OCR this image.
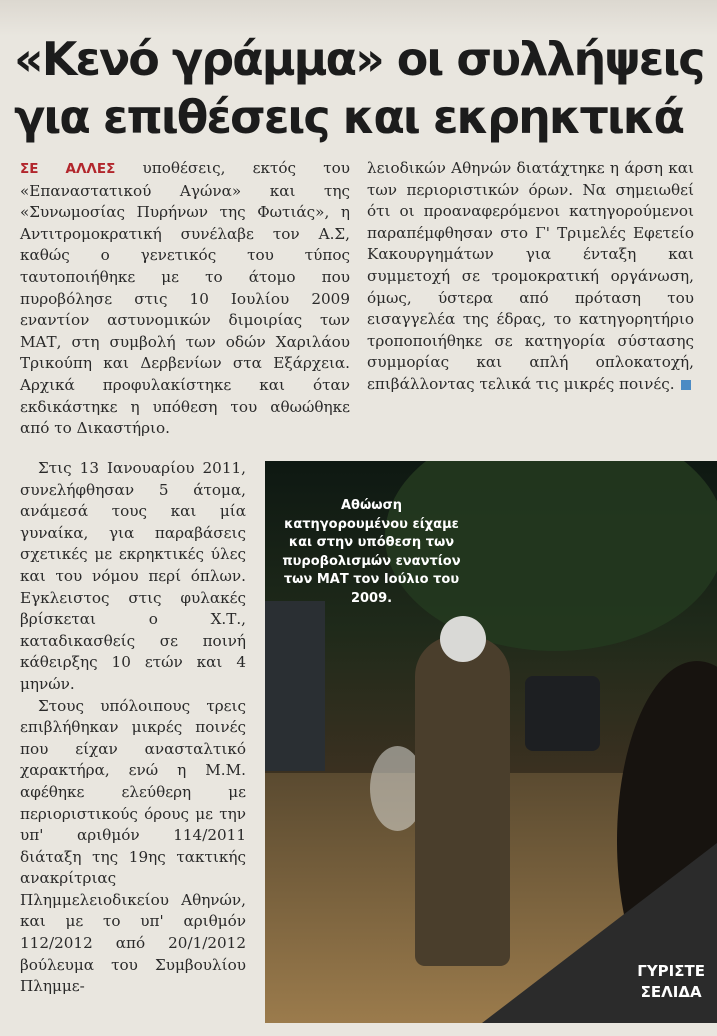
«Κενό γράμμα» οι συλλήψεις
για επιθέσεις και εκρηκτικά

ΣΕ ΑΛΛΕΣ υποθέσεις, εκτός του «Επαναστατικού Αγώνα» και της «Συνωμοσίας Πυρήνων της Φωτιάς», η Αντιτρομοκρατική συνέλαβε τον Α.Σ, καθώς ο γενετικός του τύπος ταυτοποιήθηκε με το άτομο που πυροβόλησε στις 10 Ιουλίου 2009 εναντίον αστυνομικών διμοιρίας των ΜΑΤ, στη συμβολή των οδών Χαριλάου Τρικούπη και Δερβενίων στα Εξάρχεια. Αρχικά προφυλακίστηκε και όταν εκδικάστηκε η υπόθεση του αθωώθηκε από το Δικαστήριο.

λειοδικών Αθηνών διατάχτηκε η άρση και των περιοριστικών όρων. Να σημειωθεί ότι οι προαναφερόμενοι κατηγορούμενοι παραπέμφθησαν στο Γ' Τριμελές Εφετείο Κακουργημάτων για ένταξη και συμμετοχή σε τρομοκρατική οργάνωση, όμως, ύστερα από πρόταση του εισαγγελέα της έδρας, το κατηγορητήριο τροποποιήθηκε σε κατηγορία σύστασης συμμορίας και απλή οπλοκατοχή, επιβάλλοντας τελικά τις μικρές ποινές.

Στις 13 Ιανουαρίου 2011, συνελήφθησαν 5 άτομα, ανάμεσά τους και μία γυναίκα, για παραβάσεις σχετικές με εκρηκτικές ύλες και του νόμου περί όπλων. Εγκλειστος στις φυλακές βρίσκεται ο Χ.Τ., καταδικασθείς σε ποινή κάθειρξης 10 ετών και 4 μηνών.

Στους υπόλοιπους τρεις επιβλήθηκαν μικρές ποινές που είχαν ανασταλτικό χαρακτήρα, ενώ η Μ.Μ. αφέθηκε ελεύθερη με περιοριστικούς όρους με την υπ' αριθμόν 114/2011 διάταξη της 19ης τακτικής ανακρίτριας Πλημμελειοδικείου Αθηνών, και με το υπ' αριθμόν 112/2012 από 20/1/2012 βούλευμα του Συμβουλίου Πλημμε-

Αθώωση κατηγορουμένου είχαμε και στην υπόθεση των πυροβολισμών εναντίον των ΜΑΤ τον Ιούλιο του 2009.

ΓΥΡΙΣΤΕ
ΣΕΛΙΔΑ
